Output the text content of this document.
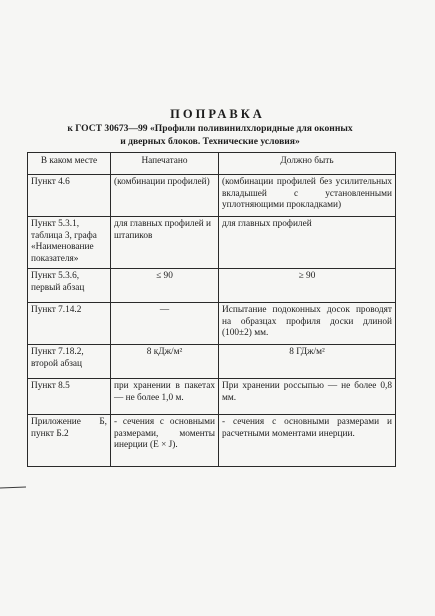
ПОПРАВКА
к ГОСТ 30673—99 «Профили поливинилхлоридные для оконных
и дверных блоков. Технические условия»
В каком месте	Напечатано	Должно быть
Пункт 4.6	(комбинации профилей)	(комбинации профилей без усилительных вкладышей с установленными уплотняющими прокладками)
Пункт 5.3.1, таблица 3, графа «Наименование показателя»	для главных профилей и штапиков	для главных профилей
Пункт 5.3.6, первый абзац	≤ 90	≥ 90
Пункт 7.14.2	—	Испытание подоконных досок проводят на образцах профиля доски длиной (100±2) мм.
Пункт 7.18.2, второй абзац	8 кДж/м²	8 ГДж/м²
Пункт 8.5	при хранении в пакетах — не более 1,0 м.	При хранении россыпью — не более 0,8 мм.
Приложение Б, пункт Б.2	- сечения с основными размерами, моменты инерции (E × J).	- сечения с основными размерами и расчетными моментами инерции.
